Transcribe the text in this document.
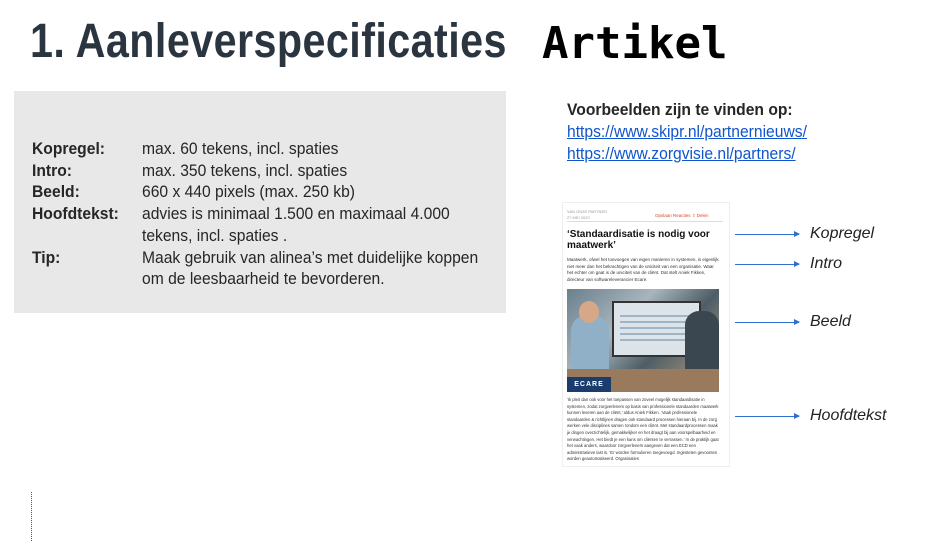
1. Aanleverspecificaties Artikel
Kopregel: max. 60 tekens, incl. spaties
Intro:	max. 350 tekens, incl. spaties
Beeld:	660 x 440 pixels (max. 250 kb)
Hoofdtekst: advies is minimaal 1.500 en maximaal 4.000
tekens, incl. spaties .
Tip:	Maak gebruik van alinea’s met duidelijke koppen
om de leesbaarheid te bevorderen.
Voorbeelden zijn te vinden op:
https://www.skipr.nl/partnernieuws/
https://www.zorgvisie.nl/partners/
VAN ONZE PARTNER
27 MEI 2022	Opslaan Reacties ⇪ Delen
‘Standaardisatie is nodig voor maatwerk’
Maatwerk, ofwel het toevoegen van eigen manieren in systemen, is eigenlijk niet meer dan het bekrachtigen van de uniciteit van een organisatie. Waar het echter om gaat is de uniciteit van de cliënt. Dat stelt Aniek Fikken, directeur van softwareleverancier Ecare.
ECARE
‘Ik pleit dan ook voor het toepassen van zoveel mogelijk standaardisatie in systemen, zodat zorgverleners op basis van professionele standaarden maatwerk kunnen leveren aan de cliënt,’ aldus Aniek Fikken. ‘Vaak professionele standaarden & richtlijnen dragen ook standaard processen hieraan bij. In de zorg werken vele disciplines samen rondom een cliënt. Met standaardprocessen maak je dingen overzichtelijk, gemakkelijker en het draagt bij aan voorspelbaarheid en verwachtingen. Het biedt je een kans om cliënten te verrassen.’ In de praktijk gaat het vaak anders, waardoor zorgverleners aangeven dat een ECD een administratieve last is. ‘Er worden formulieren toegevoegd. Ingesteten gevoonten worden geautomatiseerd. Organisaties
Kopregel
Intro
Beeld
Hoofdtekst
